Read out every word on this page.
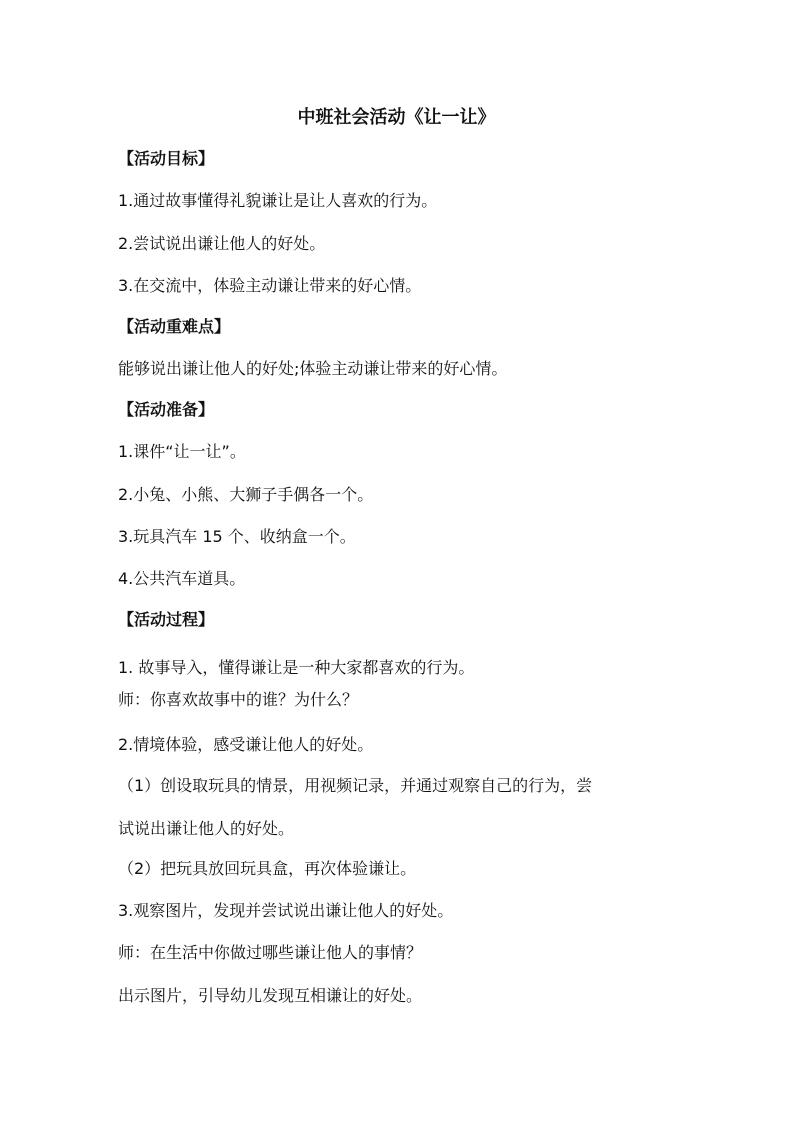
中班社会活动《让一让》
【活动目标】
1.通过故事懂得礼貌谦让是让人喜欢的行为。
2.尝试说出谦让他人的好处。
3.在交流中，体验主动谦让带来的好心情。
【活动重难点】
能够说出谦让他人的好处;体验主动谦让带来的好心情。
【活动准备】
1.课件“让一让”。
2.小兔、小熊、大狮子手偶各一个。
3.玩具汽车 15 个、收纳盒一个。
4.公共汽车道具。
【活动过程】
1. 故事导入，懂得谦让是一种大家都喜欢的行为。
师：你喜欢故事中的谁？为什么？
2.情境体验，感受谦让他人的好处。
（1）创设取玩具的情景，用视频记录，并通过观察自己的行为，尝
试说出谦让他人的好处。
（2）把玩具放回玩具盒，再次体验谦让。
3.观察图片，发现并尝试说出谦让他人的好处。
师：在生活中你做过哪些谦让他人的事情？
出示图片，引导幼儿发现互相谦让的好处。
